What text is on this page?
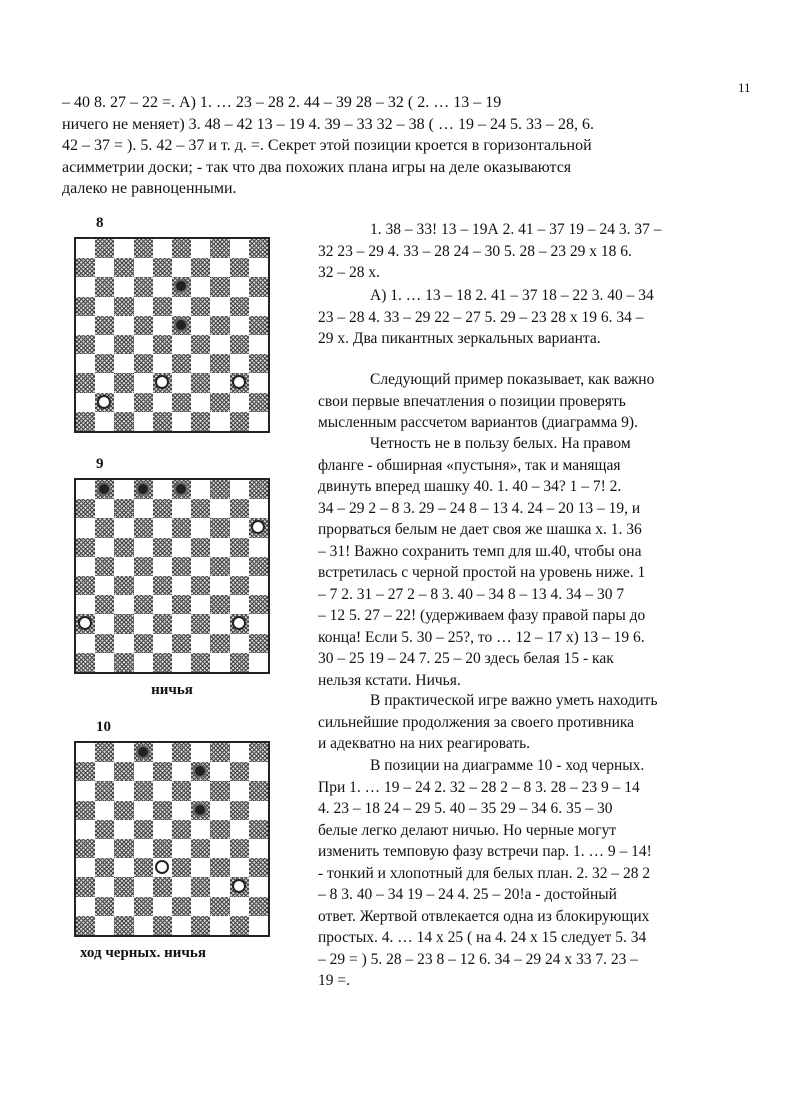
11
– 40 8. 27 – 22 =. А) 1. … 23 – 28 2. 44 – 39 28 – 32 ( 2. … 13 – 19
ничего не меняет) 3. 48 – 42 13 – 19 4. 39 – 33 32 – 38 ( … 19 – 24 5. 33 – 28, 6.
42 – 37 = ). 5. 42 – 37 и т. д. =. Секрет этой позиции кроется в горизонтальной
асимметрии доски; - так что два похожих плана игры на деле оказываются
далеко не равноценными.
8
9
ничья
10
ход черных. ничья
1. 38 – 33! 13 – 19А 2. 41 – 37 19 – 24 3. 37 –
32 23 – 29 4. 33 – 28 24 – 30 5. 28 – 23 29 х 18 6.
32 – 28 х.
А) 1. … 13 – 18 2. 41 – 37 18 – 22 3. 40 – 34
23 – 28 4. 33 – 29 22 – 27 5. 29 – 23 28 х 19 6. 34 –
29 х. Два пикантных зеркальных варианта.
Следующий пример показывает, как важно
свои первые впечатления о позиции проверять
мысленным рассчетом вариантов (диаграмма 9).
Четность не в пользу белых. На правом
фланге - обширная «пустыня», так и манящая
двинуть вперед шашку 40. 1. 40 – 34? 1 – 7! 2.
34 – 29 2 – 8 3. 29 – 24 8 – 13 4. 24 – 20 13 – 19, и
прорваться белым не дает своя же шашка х. 1. 36
– 31! Важно сохранить темп для ш.40, чтобы она
встретилась с черной простой на уровень ниже. 1
– 7 2. 31 – 27 2 – 8 3. 40 – 34 8 – 13 4. 34 – 30 7
– 12 5. 27 – 22! (удерживаем фазу правой пары до
конца! Если 5. 30 – 25?, то … 12 – 17 х) 13 – 19 6.
30 – 25 19 – 24 7. 25 – 20 здесь белая 15 - как
нельзя кстати. Ничья.
В практической игре важно уметь находить
сильнейшие продолжения за своего противника
и адекватно на них реагировать.
В позиции на диаграмме 10 - ход черных.
При 1. … 19 – 24 2. 32 – 28 2 – 8 3. 28 – 23 9 – 14
4. 23 – 18 24 – 29 5. 40 – 35 29 – 34 6. 35 – 30
белые легко делают ничью. Но черные могут
изменить темповую фазу встречи пар. 1. … 9 – 14!
- тонкий и хлопотный для белых план. 2. 32 – 28 2
– 8 3. 40 – 34 19 – 24 4. 25 – 20!а - достойный
ответ. Жертвой отвлекается одна из блокирующих
простых. 4. … 14 х 25 ( на 4. 24 х 15 следует 5. 34
– 29 = ) 5. 28 – 23 8 – 12 6. 34 – 29 24 х 33 7. 23 –
19 =.
